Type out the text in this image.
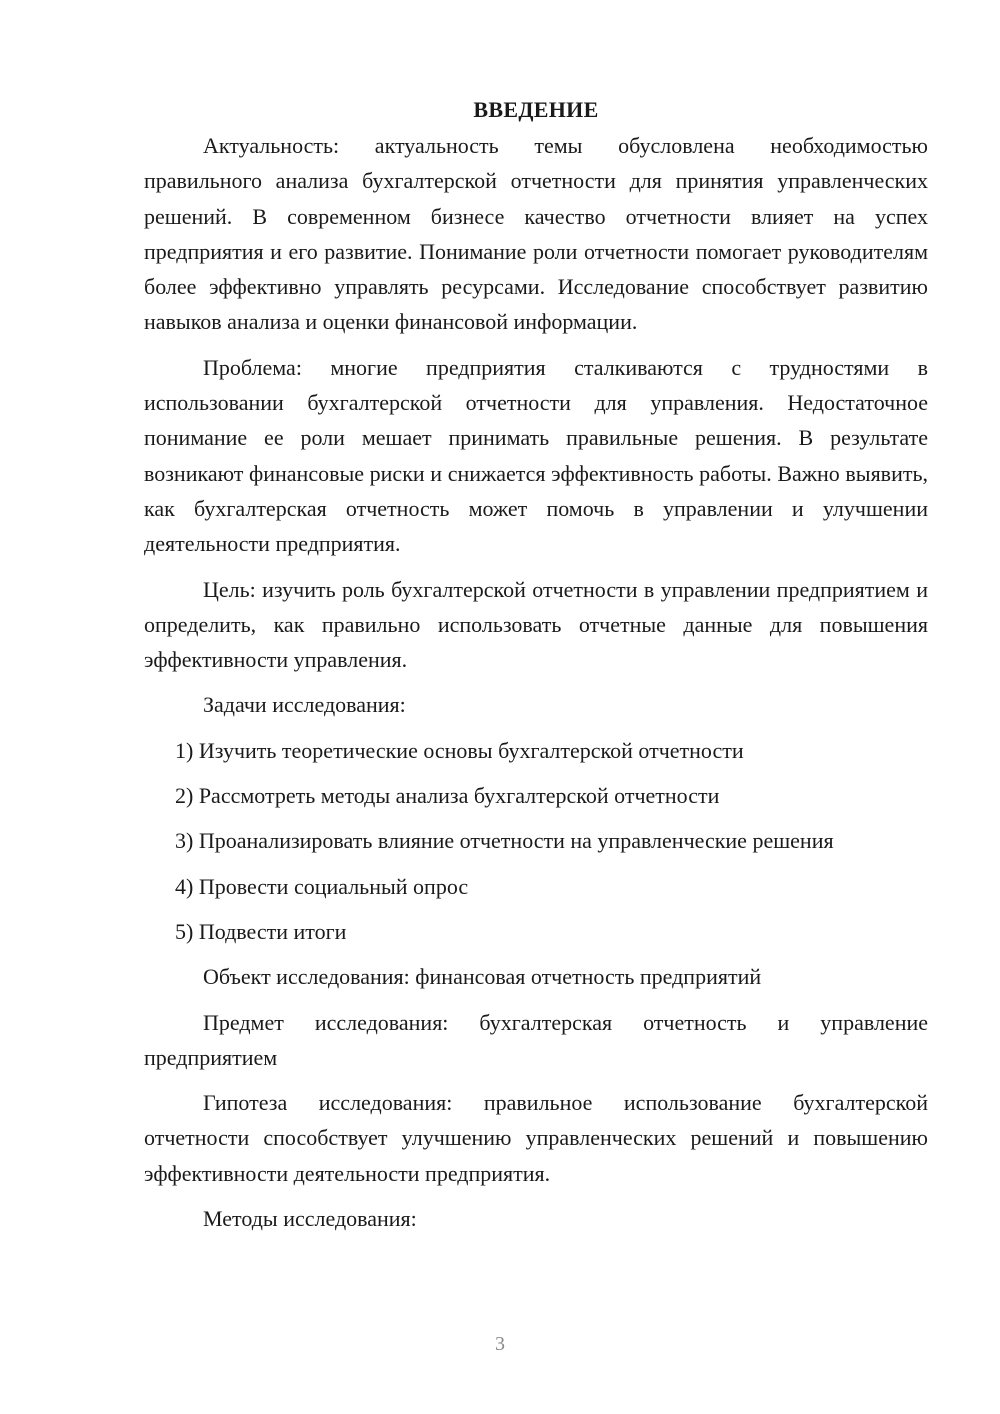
ВВЕДЕНИЕ

Актуальность: актуальность темы обусловлена необходимостью правильного анализа бухгалтерской отчетности для принятия управленческих решений. В современном бизнесе качество отчетности влияет на успех предприятия и его развитие. Понимание роли отчетности помогает руководителям более эффективно управлять ресурсами. Исследование способствует развитию навыков анализа и оценки финансовой информации.

Проблема: многие предприятия сталкиваются с трудностями в использовании бухгалтерской отчетности для управления. Недостаточное понимание ее роли мешает принимать правильные решения. В результате возникают финансовые риски и снижается эффективность работы. Важно выявить, как бухгалтерская отчетность может помочь в управлении и улучшении деятельности предприятия.

Цель: изучить роль бухгалтерской отчетности в управлении предприятием и определить, как правильно использовать отчетные данные для повышения эффективности управления.

Задачи исследования:

1) Изучить теоретические основы бухгалтерской отчетности
2) Рассмотреть методы анализа бухгалтерской отчетности
3) Проанализировать влияние отчетности на управленческие решения
4) Провести социальный опрос
5) Подвести итоги

Объект исследования: финансовая отчетность предприятий

Предмет исследования: бухгалтерская отчетность и управление предприятием

Гипотеза исследования: правильное использование бухгалтерской отчетности способствует улучшению управленческих решений и повышению эффективности деятельности предприятия.

Методы исследования:

3
